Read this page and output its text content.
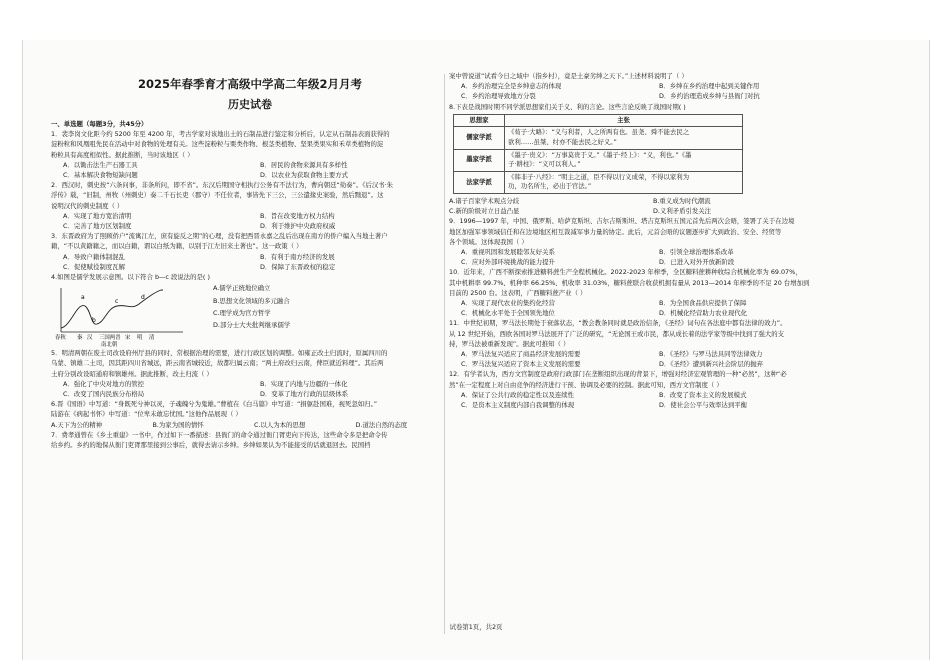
2025年春季育才高级中学高二年级2月月考
历史试卷

一、单选题（每题3分，共45分）

1．裴李岗文化距今约 5200 年至 4200 年，考古学家对该地出土的石制品进行鉴定和分析后，认定从石制品表面获得的

淀粉粒和风凰咀先民在活动中对食物的处理有关。这些淀粉粒与栗类作物、根茎类植物、坚果类果实和禾草类植物的淀

粉粒具有高度相似性。据此推断，当时该地区（ ）

A．以锄击法生产石器工具	B．居民的食物来源具有多样性
C．基本解决食物短缺问题	D．以农业为获取食物主要方式

2．西汉时，刺史按“六条问事，非条所问，即不省”。东汉后期国守相执行公务有不法行为，曹向朝廷“劾奏”。《后汉书·朱

浮传》载，“旧制，州牧（州刺史）奏二千石长吏（郡守）不任位者，事皆先下三公，三公遣掾史案验，然后黜退”。这

说明汉代的刺史制度（ ）

A．实现了地方宽治清明	B．旨在改变地方权力结构
C．完善了地方区划制度	D．利于维护中央政府权威

3．东晋政府为了照顾侨户“流寓江左，庶有旋反之期”的心理，没有把西晋永嘉之乱后出现在南方的侨户编入当地土著户

籍，“不以黄籍籍之，而以白籍，谓以白纸为籍，以别于江左旧来土著也”。这一政策（ ）

A．导致户籍体制混乱	B．有利于南方经济的发展
C．促使赋役制度瓦解	D．保障了东晋政权的稳定

4.如图是儒学发展示意图。以下符合 b—c 段说法的是( )

a
b
c
d
春秋 秦 汉 三国两晋 宋 明 清
南北朝

A.儒学正统地位确立

B.思想文化领域的多元融合

C.理学成为官方哲学

D.部分士大夫批判继承儒学

5．明清两朝在废土司改设府州厅县的同时，常根据治理的需要，进行行政区划的调整。如雍正改土归流时，原属四川的

乌蒙、镇雄二土司，因其距四川省城远，距云南省城较近，故都归属云南；“两土府改归云南，俾臣就近料理”。其后两

土府分别改设昭通府和镇雄州。据此推断，改土归流（ ）

A．强化了中央对地方的管控	B．实现了内地与边疆的一体化
C．改变了国内民族分布格局	D．变革了地方行政的层级体系

6.晋《国语》中写道：“身既死兮神以灵，子魂魄兮为鬼雄。”曹植在《白马篇》中写道：“捐躯赴国难，视死忽如归。”

陆游在《病起书怀》中写道：“位卑未敢忘忧国。”这他作品展现（ ）

A.天下为公的精神	B.为家为国的情怀	C.以人为本的思想	D.道法自然的态度

7．费孝通曾在《乡土重建》一书中，作过如下一番描述：县衙门的命令通过衙门胥吏向下传达，这些命令多是把命令传

给乡约。乡约的地保从衙门吏胥那里接到公事后，就得去请示乡绅。乡绅如果认为不能接受的话就退回去。民国档

案中曾说道“试看今日之域中（指乡村），竟是土豪劣绅之天下。”上述材料说明了（ ）

A．乡约治理完全是乡绅意志的体现	B．乡绅在乡约治理中起到关键作用
C．乡约治理导致地方分裂	D．乡约治理造成乡绅与县衙门对抗

8.下表是战国时期不同学派思想家们关于义、利的言论。这些言论反映了战国时期( )

思想家	主张
儒家学派	《荀子·大略》：“义与利者，人之所两有也。虽尧、舜不能去民之
欲利……虽桀、纣亦不能去民之好义。”

墨家学派	《墨子·贵义》：“万事莫贵于义。”《墨子·经上》：“义，利也。”《墨
子·耕柱》：“义可以利人。”

法家学派	《韩非子·八经》：“明主之道，臣不得以行义成荣，不得以家利为
功，功名所生，必出于官法。”
A.诸子百家学术观点分歧	B.重义成为时代潮流
C.新的阶级对立日益凸显	D.义利矛盾引发关注

9．1996—1997 年，中国、俄罗斯、哈萨克斯坦、吉尔吉斯斯坦、塔吉克斯坦五国元首先后两次会晤，签署了关于在边境

地区加强军事领域信任和在边境地区相互裁减军事力量的协定。此后，元首会晤的议题逐步扩大到政治、安全、经贸等

各个领域。这体现我国（ ）

A．重视巩固和发展睦邻友好关系	B．引领全球治理体系改革
C．应对外部环境挑战的能力提升	D．已进入对外开放新阶段

10．近年来，广西不断探索推进糖料蔗生产全程机械化。2022-2023 年榨季，全区糖料蔗耕种收综合机械化率为 69.07%，

其中机耕率 99.7%、机种率 66.25%、机收率 31.03%，糖料蔗联合收获机拥有量从 2013—2014 年榨季的不足 20 台增加到

目前的 2500 台。这表明，广西糖料蔗产业（ ）

A．实现了现代农业的集约化经营	B．为全国食品供应提供了保障
C．机械化水平处于全国领先地位	D．机械化经营助力农业现代化

11．中世纪初期，罗马法长期处于衰落状态，“教会教条同时就是政治信条，《圣经》词句在各法庭中都有法律的效力”。

从 12 世纪开始，西欧各国对罗马法展开了广泛的研究，“无论国王或市民，都从成长着的法学家等级中找到了强大的支

持，罗马法被重新发现”。据此可推知（ ）

A．罗马法复兴适应了商品经济发展的需要	B．《圣经》与罗马法具同等法律效力
C．罗马法复兴适应了资本主义发展的需要	D．《圣经》遭到新兴社会阶层的抛弃

12．有学者认为，西方文官制度是政府行政部门在垄断组织出现的背景下，增强对经济宏观管理的一种“必然”，这种“必

然”在一定程度上对自由竞争的经济进行干预、协调及必要的控制。据此可知，西方文官制度（ ）

A．保证了公共行政的稳定性以及连续性	B．改变了资本主义的发展模式
C．是资本主义制度内部自我调整的体现	D．使社会公平与效率达到平衡
试卷第1页，共2页
